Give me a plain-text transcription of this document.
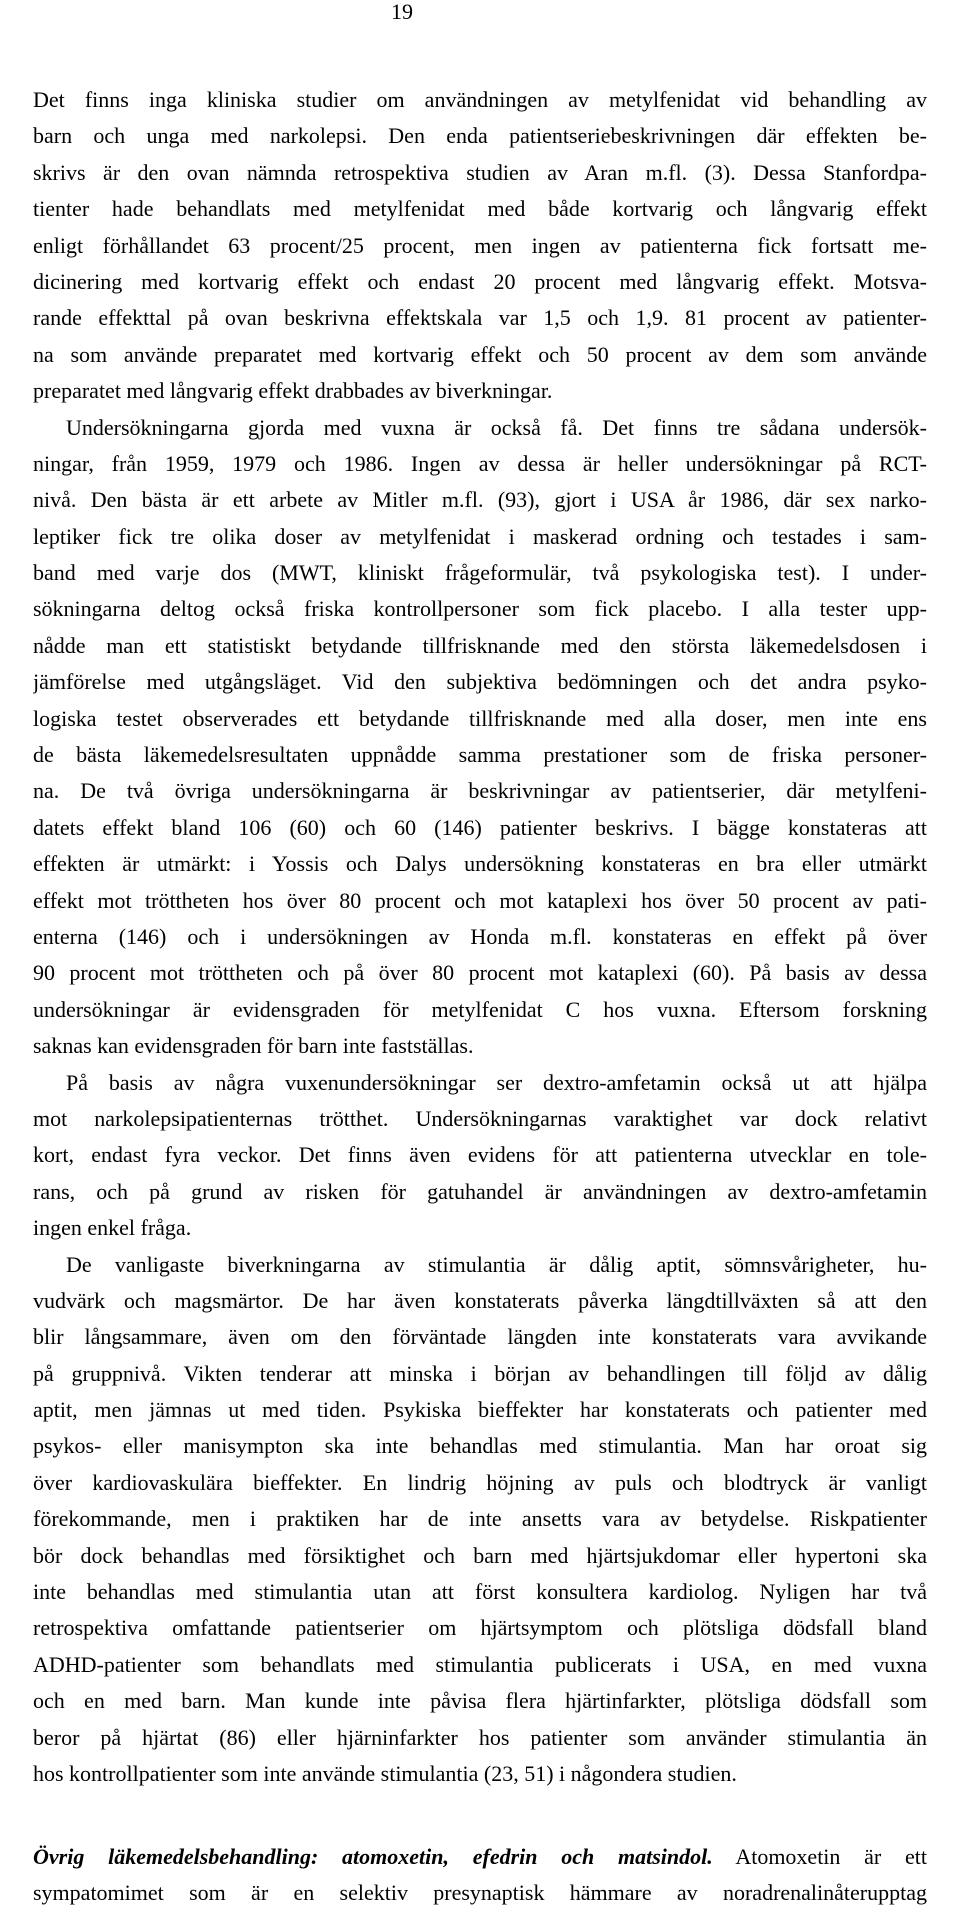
19
Det finns inga kliniska studier om användningen av metylfenidat vid behandling av
barn och unga med narkolepsi. Den enda patientseriebeskrivningen där effekten be-
skrivs är den ovan nämnda retrospektiva studien av Aran m.fl. (3). Dessa Stanfordpa-
tienter hade behandlats med metylfenidat med både kortvarig och långvarig effekt
enligt förhållandet 63 procent/25 procent, men ingen av patienterna fick fortsatt me-
dicinering med kortvarig effekt och endast 20 procent med långvarig effekt. Motsva-
rande effekttal på ovan beskrivna effektskala var 1,5 och 1,9. 81 procent av patienter-
na som använde preparatet med kortvarig effekt och 50 procent av dem som använde
preparatet med långvarig effekt drabbades av biverkningar.
Undersökningarna gjorda med vuxna är också få. Det finns tre sådana undersök-
ningar, från 1959, 1979 och 1986. Ingen av dessa är heller undersökningar på RCT-
nivå. Den bästa är ett arbete av Mitler m.fl. (93), gjort i USA år 1986, där sex narko-
leptiker fick tre olika doser av metylfenidat i maskerad ordning och testades i sam-
band med varje dos (MWT, kliniskt frågeformulär, två psykologiska test). I under-
sökningarna deltog också friska kontrollpersoner som fick placebo. I alla tester upp-
nådde man ett statistiskt betydande tillfrisknande med den största läkemedelsdosen i
jämförelse med utgångsläget. Vid den subjektiva bedömningen och det andra psyko-
logiska testet observerades ett betydande tillfrisknande med alla doser, men inte ens
de bästa läkemedelsresultaten uppnådde samma prestationer som de friska personer-
na. De två övriga undersökningarna är beskrivningar av patientserier, där metylfeni-
datets effekt bland 106 (60) och 60 (146) patienter beskrivs. I bägge konstateras att
effekten är utmärkt: i Yossis och Dalys undersökning konstateras en bra eller utmärkt
effekt mot tröttheten hos över 80 procent och mot kataplexi hos över 50 procent av pati-
enterna (146) och i undersökningen av Honda m.fl. konstateras en effekt på över
90 procent mot tröttheten och på över 80 procent mot kataplexi (60). På basis av dessa
undersökningar är evidensgraden för metylfenidat C hos vuxna. Eftersom forskning
saknas kan evidensgraden för barn inte fastställas.
På basis av några vuxenundersökningar ser dextro-amfetamin också ut att hjälpa
mot narkolepsipatienternas trötthet. Undersökningarnas varaktighet var dock relativt
kort, endast fyra veckor. Det finns även evidens för att patienterna utvecklar en tole-
rans, och på grund av risken för gatuhandel är användningen av dextro-amfetamin
ingen enkel fråga.
De vanligaste biverkningarna av stimulantia är dålig aptit, sömnsvårigheter, hu-
vudvärk och magsmärtor. De har även konstaterats påverka längdtillväxten så att den
blir långsammare, även om den förväntade längden inte konstaterats vara avvikande
på gruppnivå. Vikten tenderar att minska i början av behandlingen till följd av dålig
aptit, men jämnas ut med tiden. Psykiska bieffekter har konstaterats och patienter med
psykos- eller manisympton ska inte behandlas med stimulantia. Man har oroat sig
över kardiovaskulära bieffekter. En lindrig höjning av puls och blodtryck är vanligt
förekommande, men i praktiken har de inte ansetts vara av betydelse. Riskpatienter
bör dock behandlas med försiktighet och barn med hjärtsjukdomar eller hypertoni ska
inte behandlas med stimulantia utan att först konsultera kardiolog. Nyligen har två
retrospektiva omfattande patientserier om hjärtsymptom och plötsliga dödsfall bland
ADHD-patienter som behandlats med stimulantia publicerats i USA, en med vuxna
och en med barn. Man kunde inte påvisa flera hjärtinfarkter, plötsliga dödsfall som
beror på hjärtat (86) eller hjärninfarkter hos patienter som använder stimulantia än
hos kontrollpatienter som inte använde stimulantia (23, 51) i någondera studien.
Övrig läkemedelsbehandling: atomoxetin, efedrin och matsindol. Atomoxetin är ett
sympatomimet som är en selektiv presynaptisk hämmare av noradrenalinåterupptag
